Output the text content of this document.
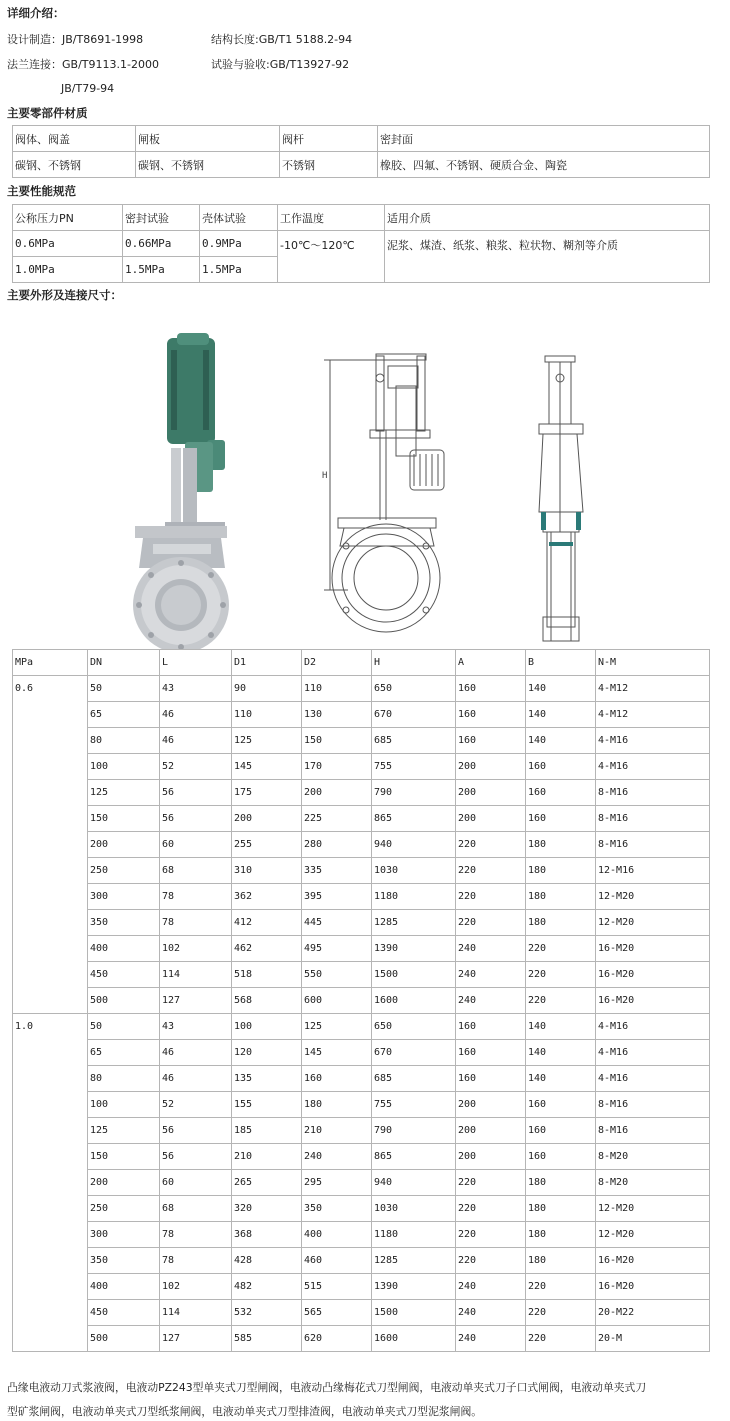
详细介绍：
设计制造：JB/T8691-1998	结构长度:GB/T1 5188.2-94
法兰连接：GB/T9113.1-2000	试验与验收:GB/T13927-92
JB/T79-94
主要零部件材质
阀体、阀盖	闸板	阀杆	密封面
碳钢、不锈钢	碳钢、不锈钢	不锈钢	橡胶、四氟、不锈钢、硬质合金、陶瓷
主要性能规范
公称压力PN	密封试验	壳体试验	工作温度	适用介质
0.6MPa	0.66MPa	0.9MPa	-10℃～120℃	泥浆、煤渣、纸浆、粮浆、粒状物、糊剂等介质
1.0MPa	1.5MPa	1.5MPa		
主要外形及连接尺寸：
H
MPa	DN	L	D1	D2	H	A	B	N-M
0.6	50	43	90	110	650	160	140	4-M12
	65	46	110	130	670	160	140	4-M12
	80	46	125	150	685	160	140	4-M16
	100	52	145	170	755	200	160	4-M16
	125	56	175	200	790	200	160	8-M16
	150	56	200	225	865	200	160	8-M16
	200	60	255	280	940	220	180	8-M16
	250	68	310	335	1030	220	180	12-M16
	300	78	362	395	1180	220	180	12-M20
	350	78	412	445	1285	220	180	12-M20
	400	102	462	495	1390	240	220	16-M20
	450	114	518	550	1500	240	220	16-M20
	500	127	568	600	1600	240	220	16-M20
1.0	50	43	100	125	650	160	140	4-M16
	65	46	120	145	670	160	140	4-M16
	80	46	135	160	685	160	140	4-M16
	100	52	155	180	755	200	160	8-M16
	125	56	185	210	790	200	160	8-M16
	150	56	210	240	865	200	160	8-M20
	200	60	265	295	940	220	180	8-M20
	250	68	320	350	1030	220	180	12-M20
	300	78	368	400	1180	220	180	12-M20
	350	78	428	460	1285	220	180	16-M20
	400	102	482	515	1390	240	220	16-M20
	450	114	532	565	1500	240	220	20-M22
	500	127	585	620	1600	240	220	20-M
凸缘电液动刀式浆液阀，电液动PZ243型单夹式刀型闸阀，电液动凸缘梅花式刀型闸阀，电液动单夹式刀子口式闸阀，电液动单夹式刀
型矿浆闸阀，电液动单夹式刀型纸浆闸阀，电液动单夹式刀型排渣阀，电液动单夹式刀型泥浆闸阀。
